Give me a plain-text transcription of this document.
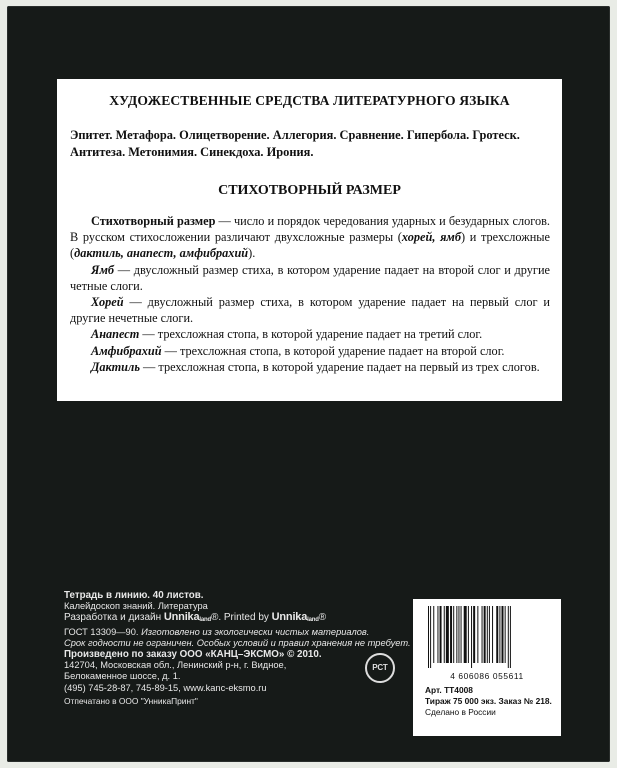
ХУДОЖЕСТВЕННЫЕ СРЕДСТВА ЛИТЕРАТУРНОГО ЯЗЫКА
Эпитет. Метафора. Олицетворение. Аллегория. Сравнение. Гипербола. Гротеск. Антитеза. Метонимия. Синекдоха. Ирония.
СТИХОТВОРНЫЙ РАЗМЕР

Стихотворный размер — число и порядок чередования ударных и безударных слогов. В русском стихосложении различают двухсложные размеры (хорей, ямб) и трехсложные (дактиль, анапест, амфибрахий).

Ямб — двусложный размер стиха, в котором ударение падает на второй слог и другие четные слоги.

Хорей — двусложный размер стиха, в котором ударение падает на первый слог и другие нечетные слоги.

Анапест — трехсложная стопа, в которой ударение падает на третий слог.

Амфибрахий — трехсложная стопа, в которой ударение падает на второй слог.

Дактиль — трехсложная стопа, в которой ударение падает на первый из трех слогов.

Тетрадь в линию. 40 листов.
Калейдоскоп знаний. Литература
Разработка и дизайн Unnika$_{land}$®. Printed by Unnika$_{land}$®
ГОСТ 13309—90. Изготовлено из экологически чистых материалов.
Срок годности не ограничен. Особых условий и правил хранения не требует.
Произведено по заказу ООО «КАНЦ–ЭКСМО» © 2010.
142704, Московская обл., Ленинский р-н, г. Видное,
Белокаменное шоссе, д. 1.
(495) 745-28-87, 745-89-15, www.kanc-eksmo.ru
Отпечатано в ООО "УнникаПринт"
РСТ
4 606086 055611
Арт. ТТ4008
Тираж 75 000 экз. Заказ № 218.
Сделано в России
